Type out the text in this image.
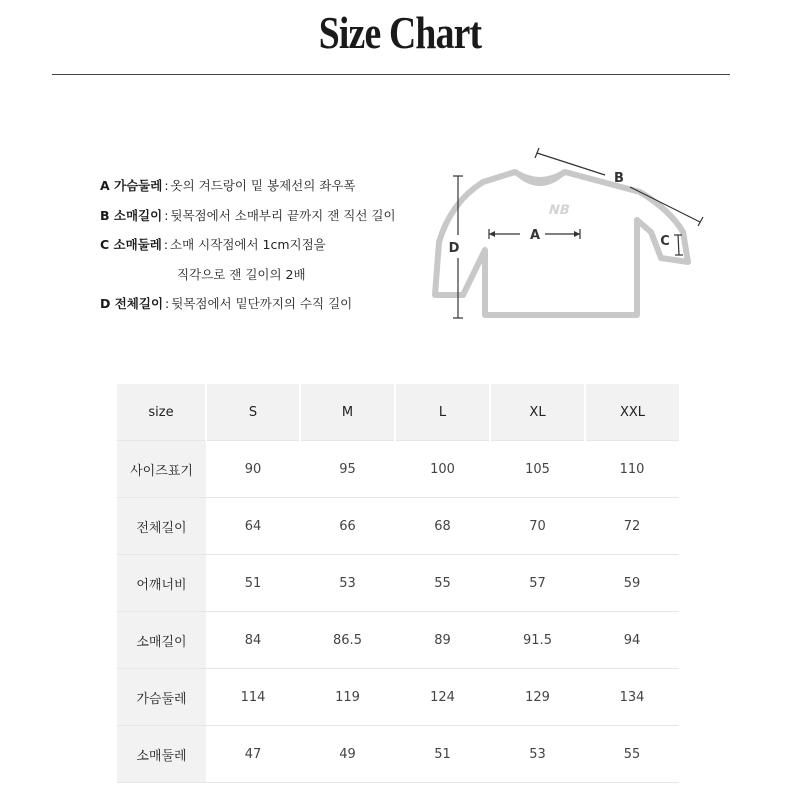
Size Chart
A 가슴둘레 : 옷의 겨드랑이 밑 봉제선의 좌우폭
B 소매길이 : 뒷목점에서 소매부리 끝까지 잰 직선 길이
C 소매둘레 : 소매 시작점에서 1cm지점을
직각으로 잰 길이의 2배
D 전체길이 : 뒷목점에서 밑단까지의 수직 길이
NB
A
D
B
C
size	S	M	L	XL	XXL
사이즈표기	90	95	100	105	110
전체길이	64	66	68	70	72
어깨너비	51	53	55	57	59
소매길이	84	86.5	89	91.5	94
가슴둘레	114	119	124	129	134
소매둘레	47	49	51	53	55
